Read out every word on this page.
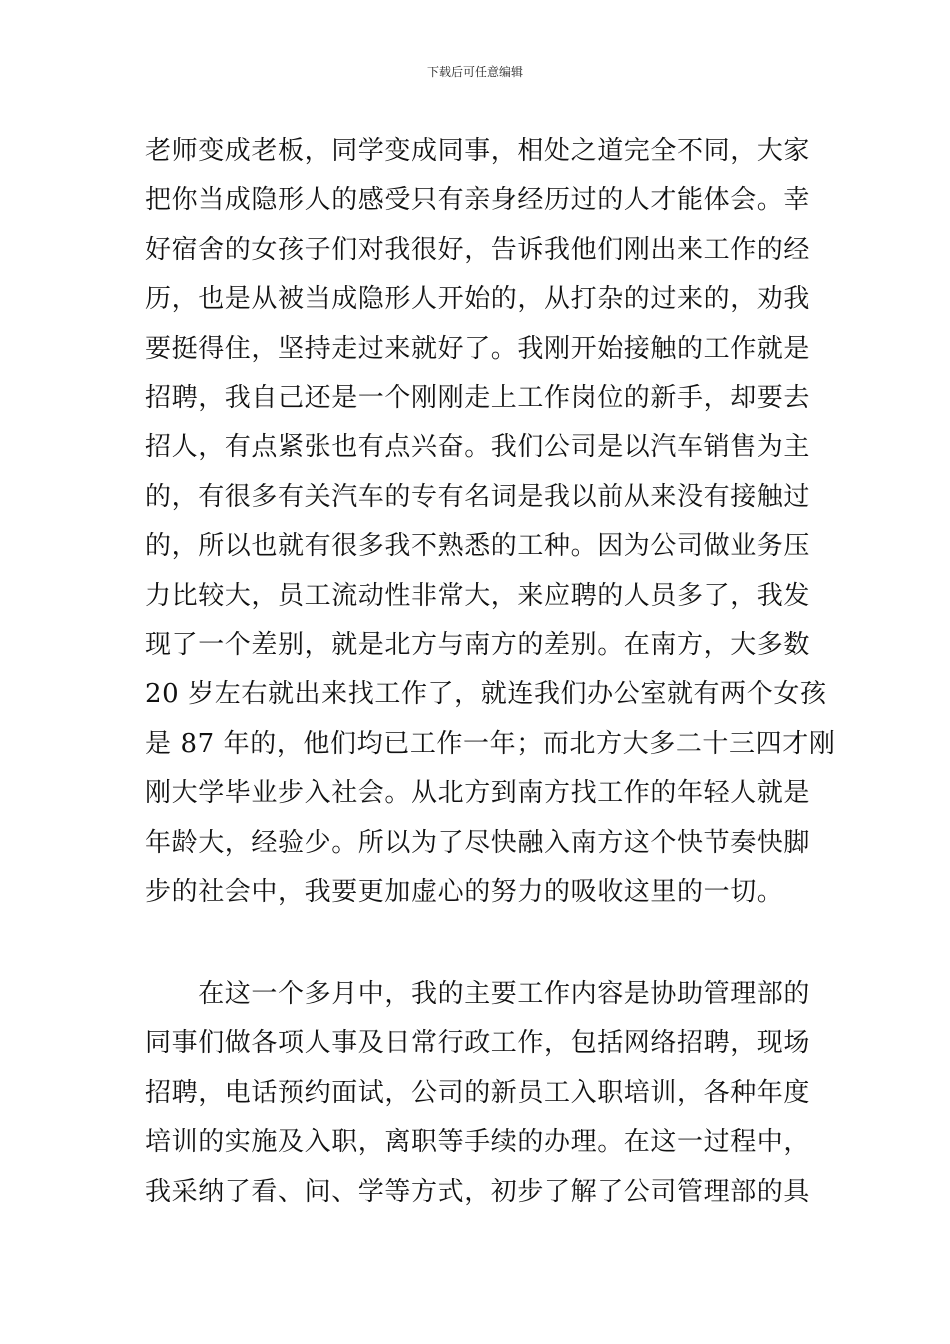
下载后可任意编辑
老师变成老板，同学变成同事，相处之道完全不同，大家
把你当成隐形人的感受只有亲身经历过的人才能体会。幸
好宿舍的女孩子们对我很好，告诉我他们刚出来工作的经
历，也是从被当成隐形人开始的，从打杂的过来的，劝我
要挺得住，坚持走过来就好了。我刚开始接触的工作就是
招聘，我自己还是一个刚刚走上工作岗位的新手，却要去
招人，有点紧张也有点兴奋。我们公司是以汽车销售为主
的，有很多有关汽车的专有名词是我以前从来没有接触过
的，所以也就有很多我不熟悉的工种。因为公司做业务压
力比较大，员工流动性非常大，来应聘的人员多了，我发
现了一个差别，就是北方与南方的差别。在南方，大多数
20 岁左右就出来找工作了，就连我们办公室就有两个女孩
是 87 年的，他们均已工作一年；而北方大多二十三四才刚
刚大学毕业步入社会。从北方到南方找工作的年轻人就是
年龄大，经验少。所以为了尽快融入南方这个快节奏快脚
步的社会中，我要更加虚心的努力的吸收这里的一切。
　　在这一个多月中，我的主要工作内容是协助管理部的
同事们做各项人事及日常行政工作，包括网络招聘，现场
招聘，电话预约面试，公司的新员工入职培训，各种年度
培训的实施及入职，离职等手续的办理。在这一过程中，
我采纳了看、问、学等方式，初步了解了公司管理部的具
